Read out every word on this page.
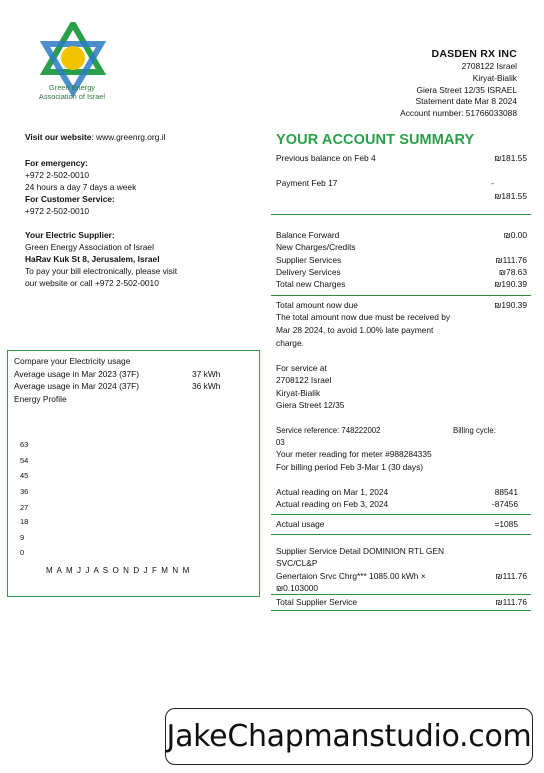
Green Energy
Association of Israel
DASDEN RX INC
2708122 Israel
Kiryat-Bialik
Giera Street 12/35 ISRAEL
Statement date Mar 8 2024
Account number: 51766033088
Visit our website: www.greenrg.org.il
For emergency:
+972 2-502-0010
24 hours a day 7 days a week
For Customer Service:
+972 2-502-0010
Your Electric Supplier:
Green Energy Association of Israel
HaRav Kuk St 8, Jerusalem, Israel
To pay your bill electronically, please visit
our website or call +972 2-502-0010
YOUR ACCOUNT SUMMARY
Previous balance on Feb 4	₪181.55
Payment Feb 17	-
₪181.55
Balance Forward	₪0.00
New Charges/Credits
Supplier Services	₪111.76
Delivery Services	₪78.63
Total new Charges	₪190.39
Total amount now due	₪190.39
The total amount now due must be received by
Mar 28 2024, to avoid 1.00% late payment
charge.
For service at
2708122 Israel
Kiryat-Bialik
Giera Street 12/35
Service reference: 748222002	Billing cycle:
03
Your meter reading for meter #988284335
For billing period Feb 3-Mar 1 (30 days)
Actual reading on Mar 1, 2024	88541
Actual reading on Feb 3, 2024	-87456
Actual usage	=1085
Supplier Service Detail DOMINION RTL GEN
SVC/CL&P
Genertaion Srvc Chrg*** 1085.00 kWh ×	₪111.76
₪0.103000
Total Supplier Service	₪111.76
Compare your Electricity usage
Average usage in Mar 2023 (37F)	37 kWh
Average usage in Mar 2024 (37F)	36 kWh
Energy Profile
63
54
45
36
27
18
9
0
M A M J J A S O N D J F M N M
JakeChapmanstudio.com
